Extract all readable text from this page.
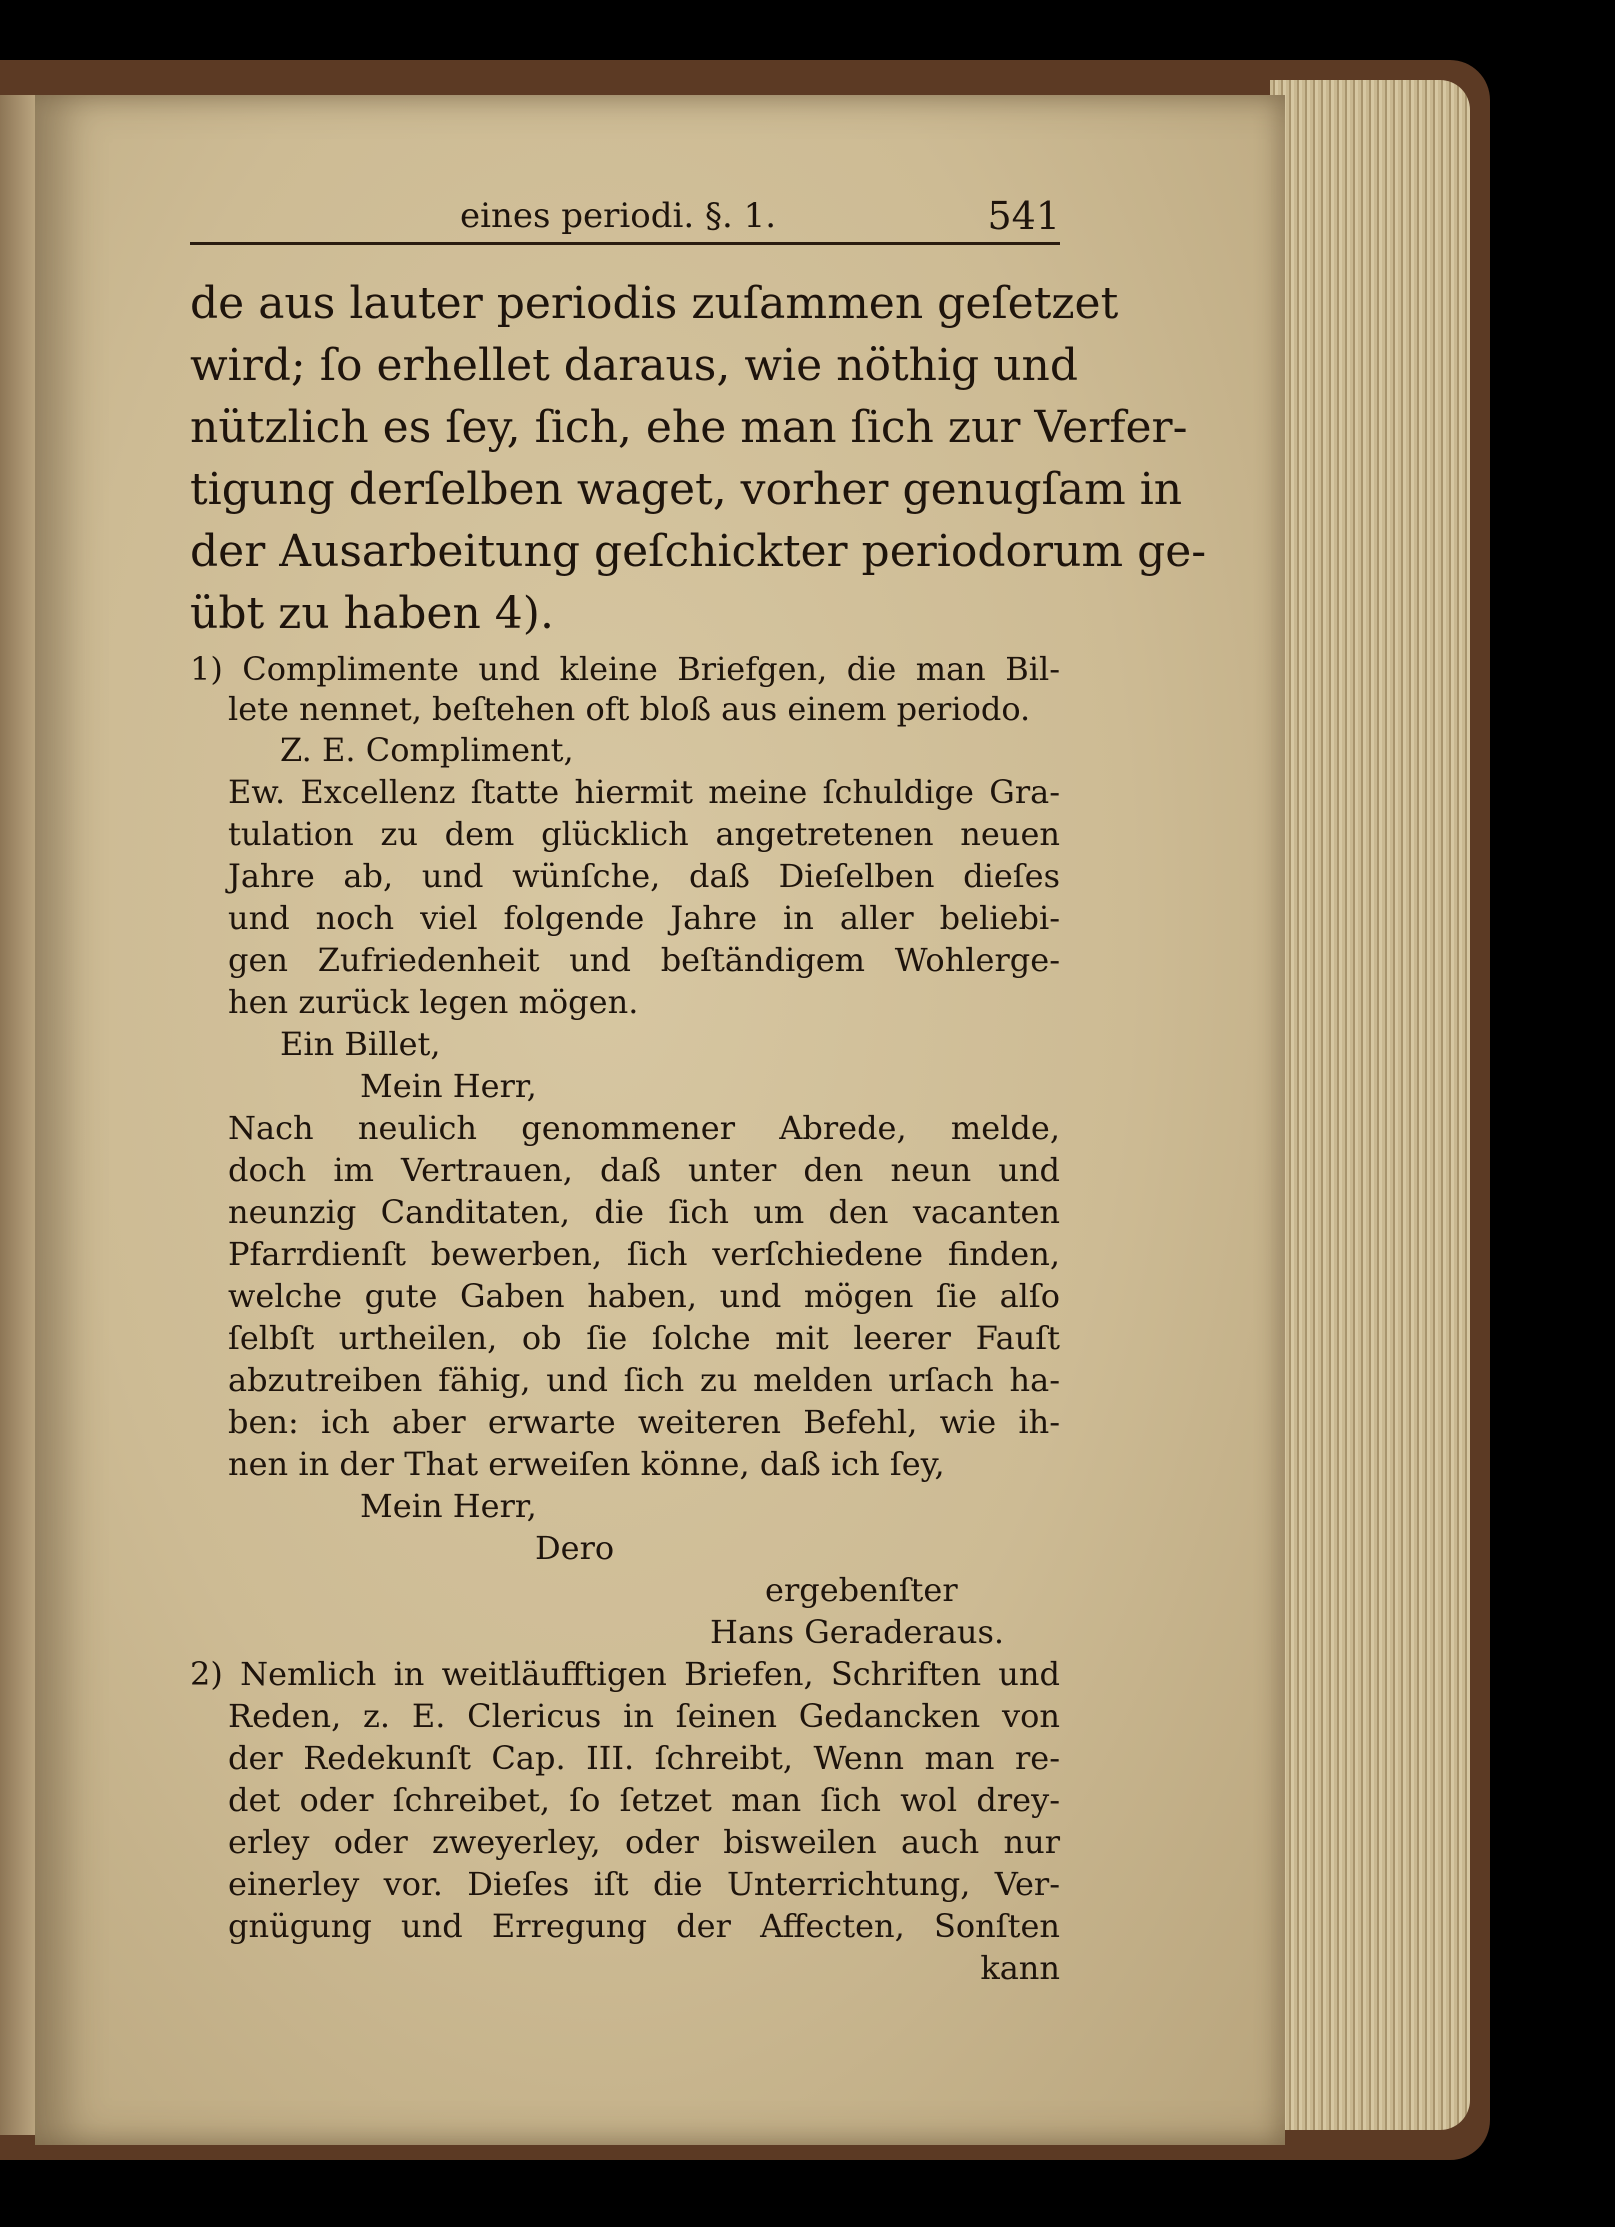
eines periodi. §. 1.	541
de aus lauter periodis zuſammen geſetzet
wird; ſo erhellet daraus, wie nöthig und
nützlich es ſey, ſich, ehe man ſich zur Verfer-
tigung derſelben waget, vorher genugſam in
der Ausarbeitung geſchickter periodorum ge-
übt zu haben 4).
1) Complimente und kleine Briefgen, die man Bil-
lete nennet, beſtehen oft bloß aus einem periodo.
Z. E. Compliment,
Ew. Excellenz ſtatte hiermit meine ſchuldige Gra-
tulation zu dem glücklich angetretenen neuen
Jahre ab, und wünſche, daß Dieſelben dieſes
und noch viel folgende Jahre in aller beliebi-
gen Zufriedenheit und beſtändigem Wohlerge-
hen zurück legen mögen.
Ein Billet,
Mein Herr,
Nach neulich genommener Abrede, melde,
doch im Vertrauen, daß unter den neun und
neunzig Canditaten, die ſich um den vacanten
Pfarrdienſt bewerben, ſich verſchiedene finden,
welche gute Gaben haben, und mögen ſie alſo
ſelbſt urtheilen, ob ſie ſolche mit leerer Fauſt
abzutreiben fähig, und ſich zu melden urſach ha-
ben: ich aber erwarte weiteren Befehl, wie ih-
nen in der That erweiſen könne, daß ich ſey,
Mein Herr,
Dero
ergebenſter
Hans Geraderaus.
2) Nemlich in weitläufftigen Briefen, Schriften und
Reden, z. E. Clericus in ſeinen Gedancken von
der Redekunſt Cap. III. ſchreibt, Wenn man re-
det oder ſchreibet, ſo ſetzet man ſich wol drey-
erley oder zweyerley, oder bisweilen auch nur
einerley vor. Dieſes iſt die Unterrichtung, Ver-
gnügung und Erregung der Affecten, Sonſten
kann
